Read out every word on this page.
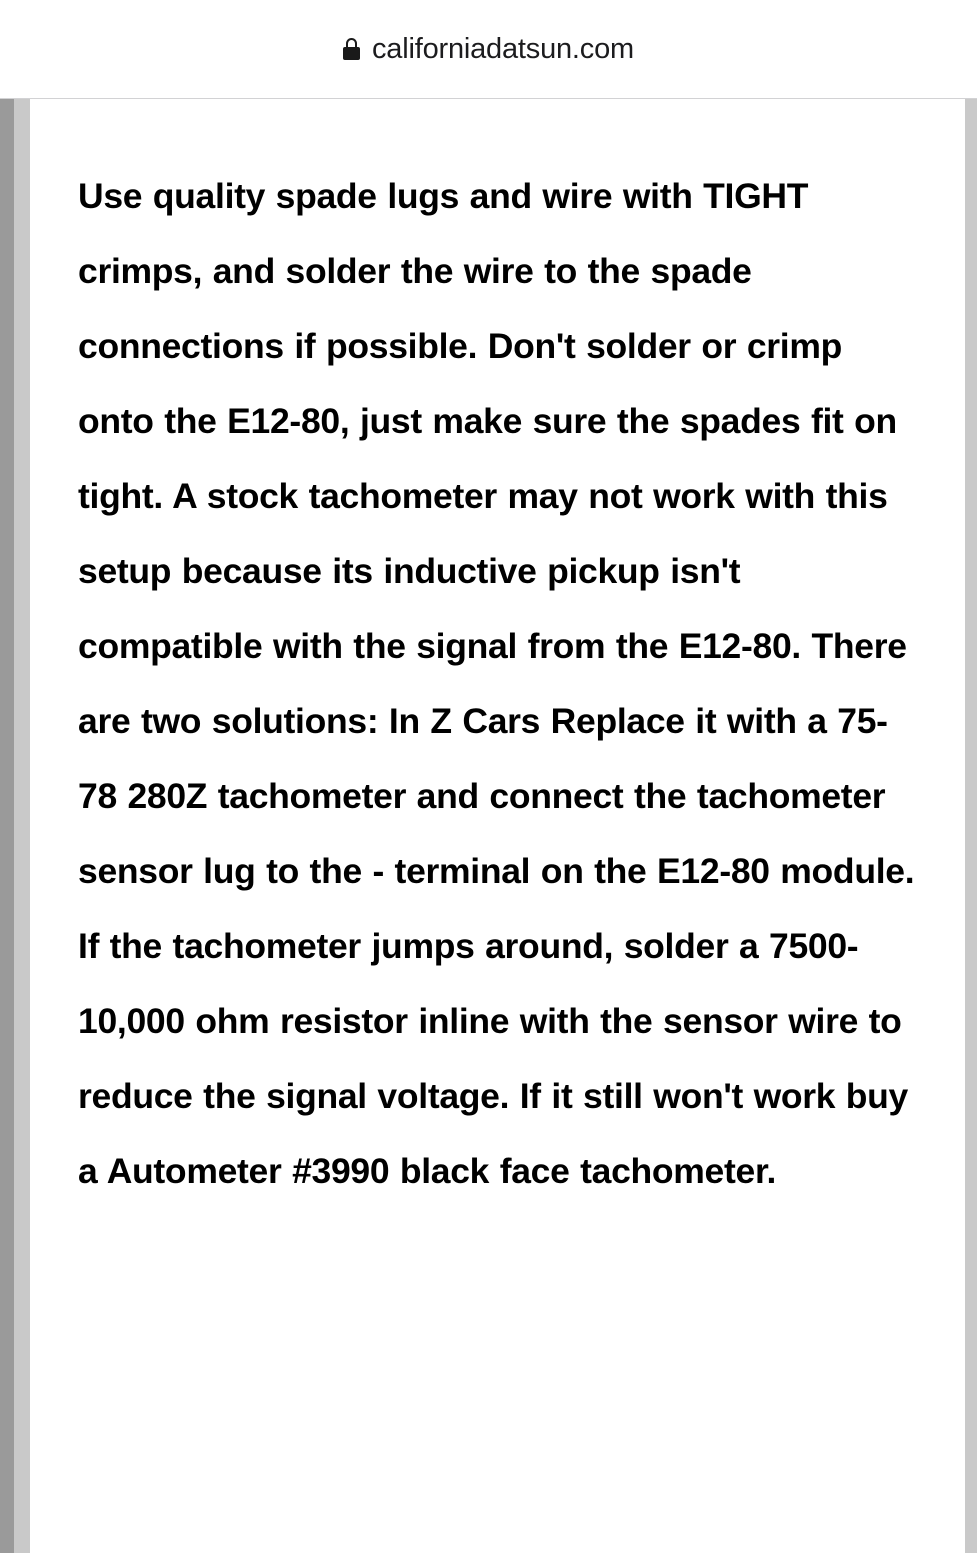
californiadatsun.com

Use quality spade lugs and wire with TIGHT crimps, and solder the wire to the spade connections if possible. Don't solder or crimp onto the E12-80, just make sure the spades fit on tight. A stock tachometer may not work with this setup because its inductive pickup isn't compatible with the signal from the E12-80. There are two solutions: In Z Cars Replace it with a 75-78 280Z tachometer and connect the tachometer sensor lug to the - terminal on the E12-80 module. If the tachometer jumps around, solder a 7500-10,000 ohm resistor inline with the sensor wire to reduce the signal voltage. If it still won't work buy a Autometer #3990 black face tachometer.
